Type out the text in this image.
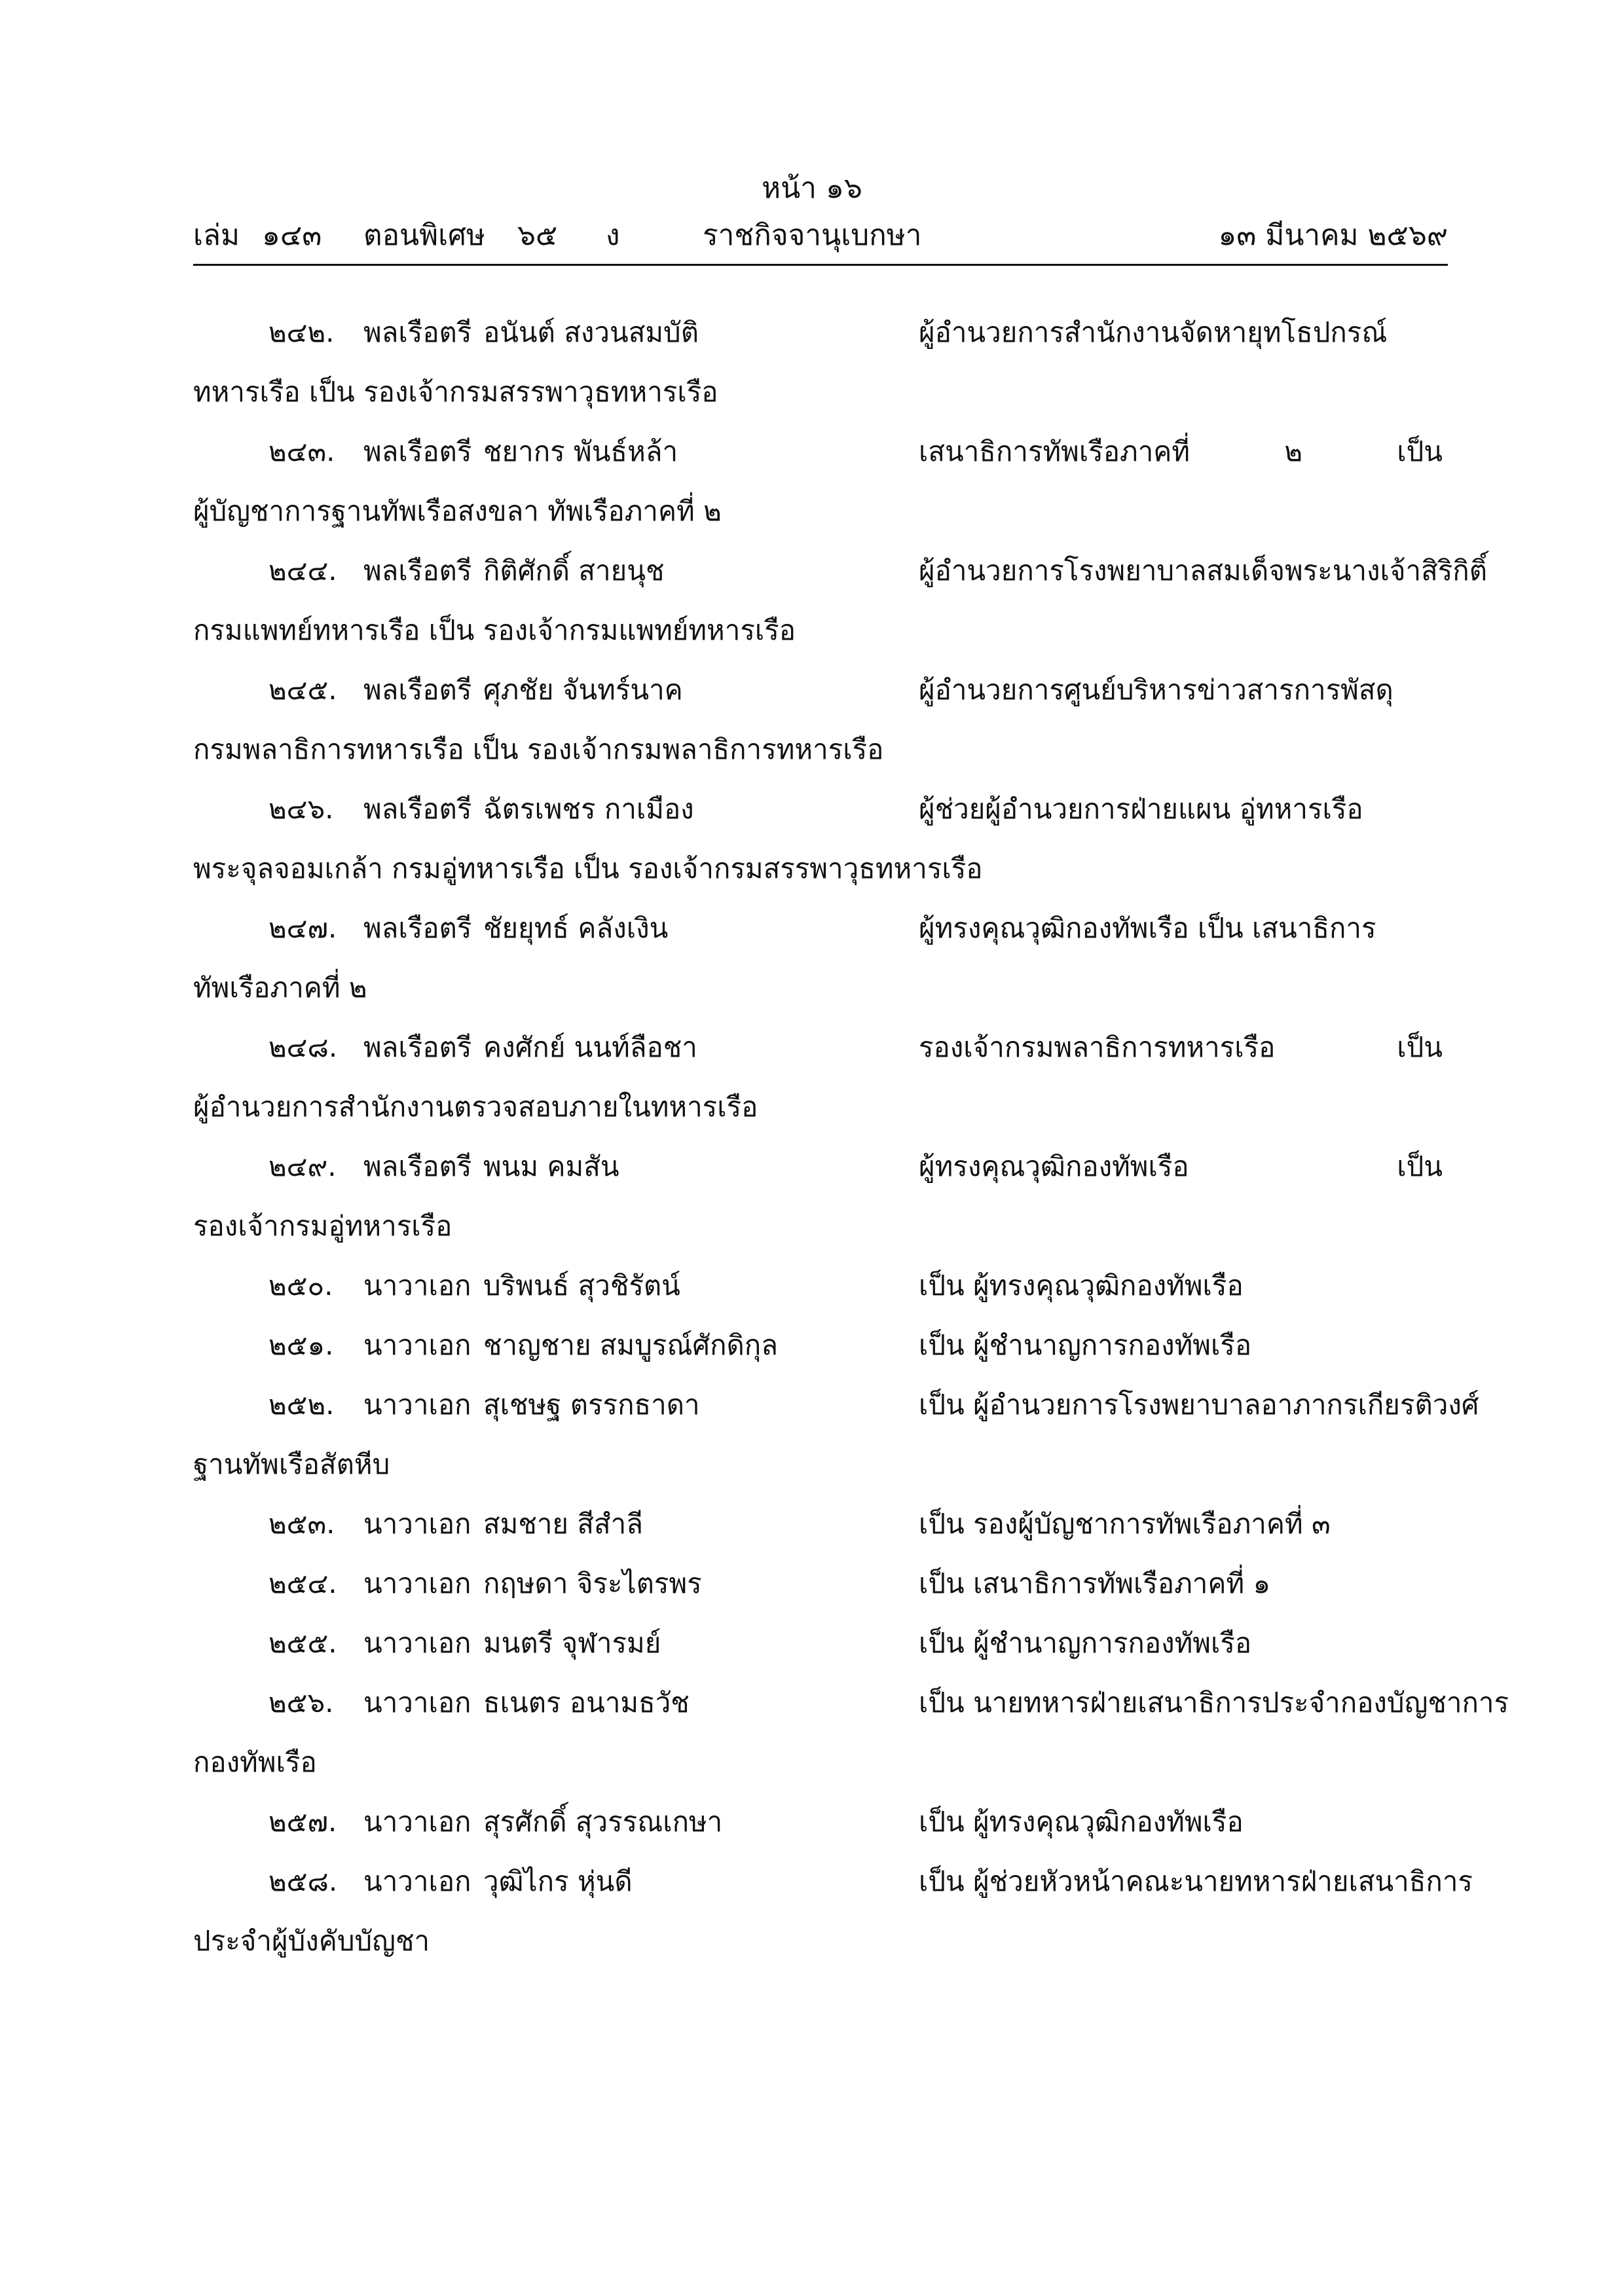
หน้า ๑๖
เล่ม ๑๔๓ ตอนพิเศษ ๖๕ ง	ราชกิจจานุเบกษา	๑๓ มีนาคม ๒๕๖๙
๒๔๒. พลเรือตรี อนันต์ สงวนสมบัติ	ผู้อำนวยการสำนักงานจัดหายุทโธปกรณ์
ทหารเรือ เป็น รองเจ้ากรมสรรพาวุธทหารเรือ
๒๔๓. พลเรือตรี ชยากร พันธ์หล้า	เสนาธิการทัพเรือภาคที่	๒	เป็น
ผู้บัญชาการฐานทัพเรือสงขลา ทัพเรือภาคที่ ๒
๒๔๔. พลเรือตรี กิติศักดิ์ สายนุช	ผู้อำนวยการโรงพยาบาลสมเด็จพระนางเจ้าสิริกิติ์
กรมแพทย์ทหารเรือ เป็น รองเจ้ากรมแพทย์ทหารเรือ
๒๔๕. พลเรือตรี ศุภชัย จันทร์นาค	ผู้อำนวยการศูนย์บริหารข่าวสารการพัสดุ
กรมพลาธิการทหารเรือ เป็น รองเจ้ากรมพลาธิการทหารเรือ
๒๔๖. พลเรือตรี ฉัตรเพชร กาเมือง	ผู้ช่วยผู้อำนวยการฝ่ายแผน อู่ทหารเรือ
พระจุลจอมเกล้า กรมอู่ทหารเรือ เป็น รองเจ้ากรมสรรพาวุธทหารเรือ
๒๔๗. พลเรือตรี ชัยยุทธ์ คลังเงิน	ผู้ทรงคุณวุฒิกองทัพเรือ เป็น เสนาธิการ
ทัพเรือภาคที่ ๒
๒๔๘. พลเรือตรี คงศักย์ นนท์ลือชา	รองเจ้ากรมพลาธิการทหารเรือ	เป็น
ผู้อำนวยการสำนักงานตรวจสอบภายในทหารเรือ
๒๔๙. พลเรือตรี พนม คมสัน	ผู้ทรงคุณวุฒิกองทัพเรือ	เป็น
รองเจ้ากรมอู่ทหารเรือ
๒๕๐. นาวาเอก บริพนธ์ สุวชิรัตน์	เป็น ผู้ทรงคุณวุฒิกองทัพเรือ
๒๕๑. นาวาเอก ชาญชาย สมบูรณ์ศักดิกุล	เป็น ผู้ชำนาญการกองทัพเรือ
๒๕๒. นาวาเอก สุเชษฐ ตรรกธาดา	เป็น ผู้อำนวยการโรงพยาบาลอาภากรเกียรติวงศ์
ฐานทัพเรือสัตหีบ
๒๕๓. นาวาเอก สมชาย สีสำลี	เป็น รองผู้บัญชาการทัพเรือภาคที่ ๓
๒๕๔. นาวาเอก กฤษดา จิระไตรพร	เป็น เสนาธิการทัพเรือภาคที่ ๑
๒๕๕. นาวาเอก มนตรี จุฬารมย์	เป็น ผู้ชำนาญการกองทัพเรือ
๒๕๖. นาวาเอก ธเนตร อนามธวัช	เป็น นายทหารฝ่ายเสนาธิการประจำกองบัญชาการ
กองทัพเรือ
๒๕๗. นาวาเอก สุรศักดิ์ สุวรรณเกษา	เป็น ผู้ทรงคุณวุฒิกองทัพเรือ
๒๕๘. นาวาเอก วุฒิไกร หุ่นดี	เป็น ผู้ช่วยหัวหน้าคณะนายทหารฝ่ายเสนาธิการ
ประจำผู้บังคับบัญชา
